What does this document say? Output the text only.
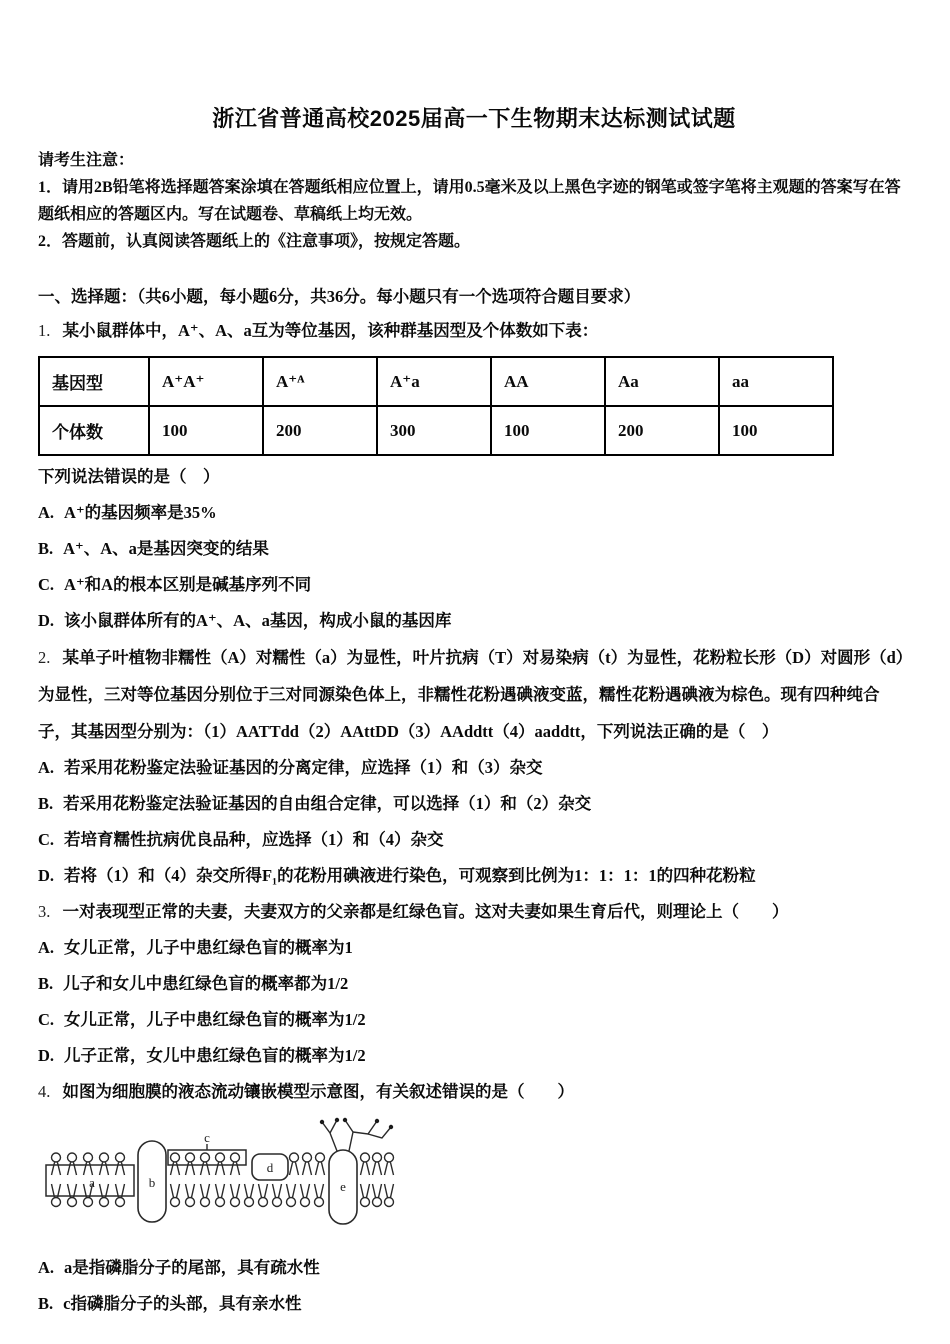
浙江省普通高校2025届高一下生物期末达标测试试题

请考生注意：

1．请用2B铅笔将选择题答案涂填在答题纸相应位置上，请用0.5毫米及以上黑色字迹的钢笔或签字笔将主观题的答案写在答题纸相应的答题区内。写在试题卷、草稿纸上均无效。

2．答题前，认真阅读答题纸上的《注意事项》，按规定答题。

一、选择题：（共6小题，每小题6分，共36分。每小题只有一个选项符合题目要求）

1. 某小鼠群体中，A⁺、A、a互为等位基因，该种群基因型及个体数如下表：

基因型	A⁺A⁺	A⁺ᴬ	A⁺a	AA	Aa	aa
个体数	100	200	300	100	200	100

下列说法错误的是（　）

A. A⁺的基因频率是35%

B. A⁺、A、a是基因突变的结果

C. A⁺和A的根本区别是碱基序列不同

D. 该小鼠群体所有的A⁺、A、a基因，构成小鼠的基因库

2. 某单子叶植物非糯性（A）对糯性（a）为显性，叶片抗病（T）对易染病（t）为显性，花粉粒长形（D）对圆形（d）为显性，三对等位基因分别位于三对同源染色体上，非糯性花粉遇碘液变蓝，糯性花粉遇碘液为棕色。现有四种纯合子，其基因型分别为：（1）AATTdd（2）AAttDD（3）AAddtt（4）aaddtt，下列说法正确的是（　）

A. 若采用花粉鉴定法验证基因的分离定律，应选择（1）和（3）杂交

B. 若采用花粉鉴定法验证基因的自由组合定律，可以选择（1）和（2）杂交

C. 若培育糯性抗病优良品种，应选择（1）和（4）杂交

D. 若将（1）和（4）杂交所得F₁的花粉用碘液进行染色，可观察到比例为1：1：1：1的四种花粉粒

3. 一对表现型正常的夫妻，夫妻双方的父亲都是红绿色盲。这对夫妻如果生育后代，则理论上（　　）

A. 女儿正常，儿子中患红绿色盲的概率为1

B. 儿子和女儿中患红绿色盲的概率都为1/2

C. 女儿正常，儿子中患红绿色盲的概率为1/2

D. 儿子正常，女儿中患红绿色盲的概率为1/2

4. 如图为细胞膜的液态流动镶嵌模型示意图，有关叙述错误的是（　　）

a	b
c
d
e

A. a是指磷脂分子的尾部，具有疏水性

B. c指磷脂分子的头部，具有亲水性
